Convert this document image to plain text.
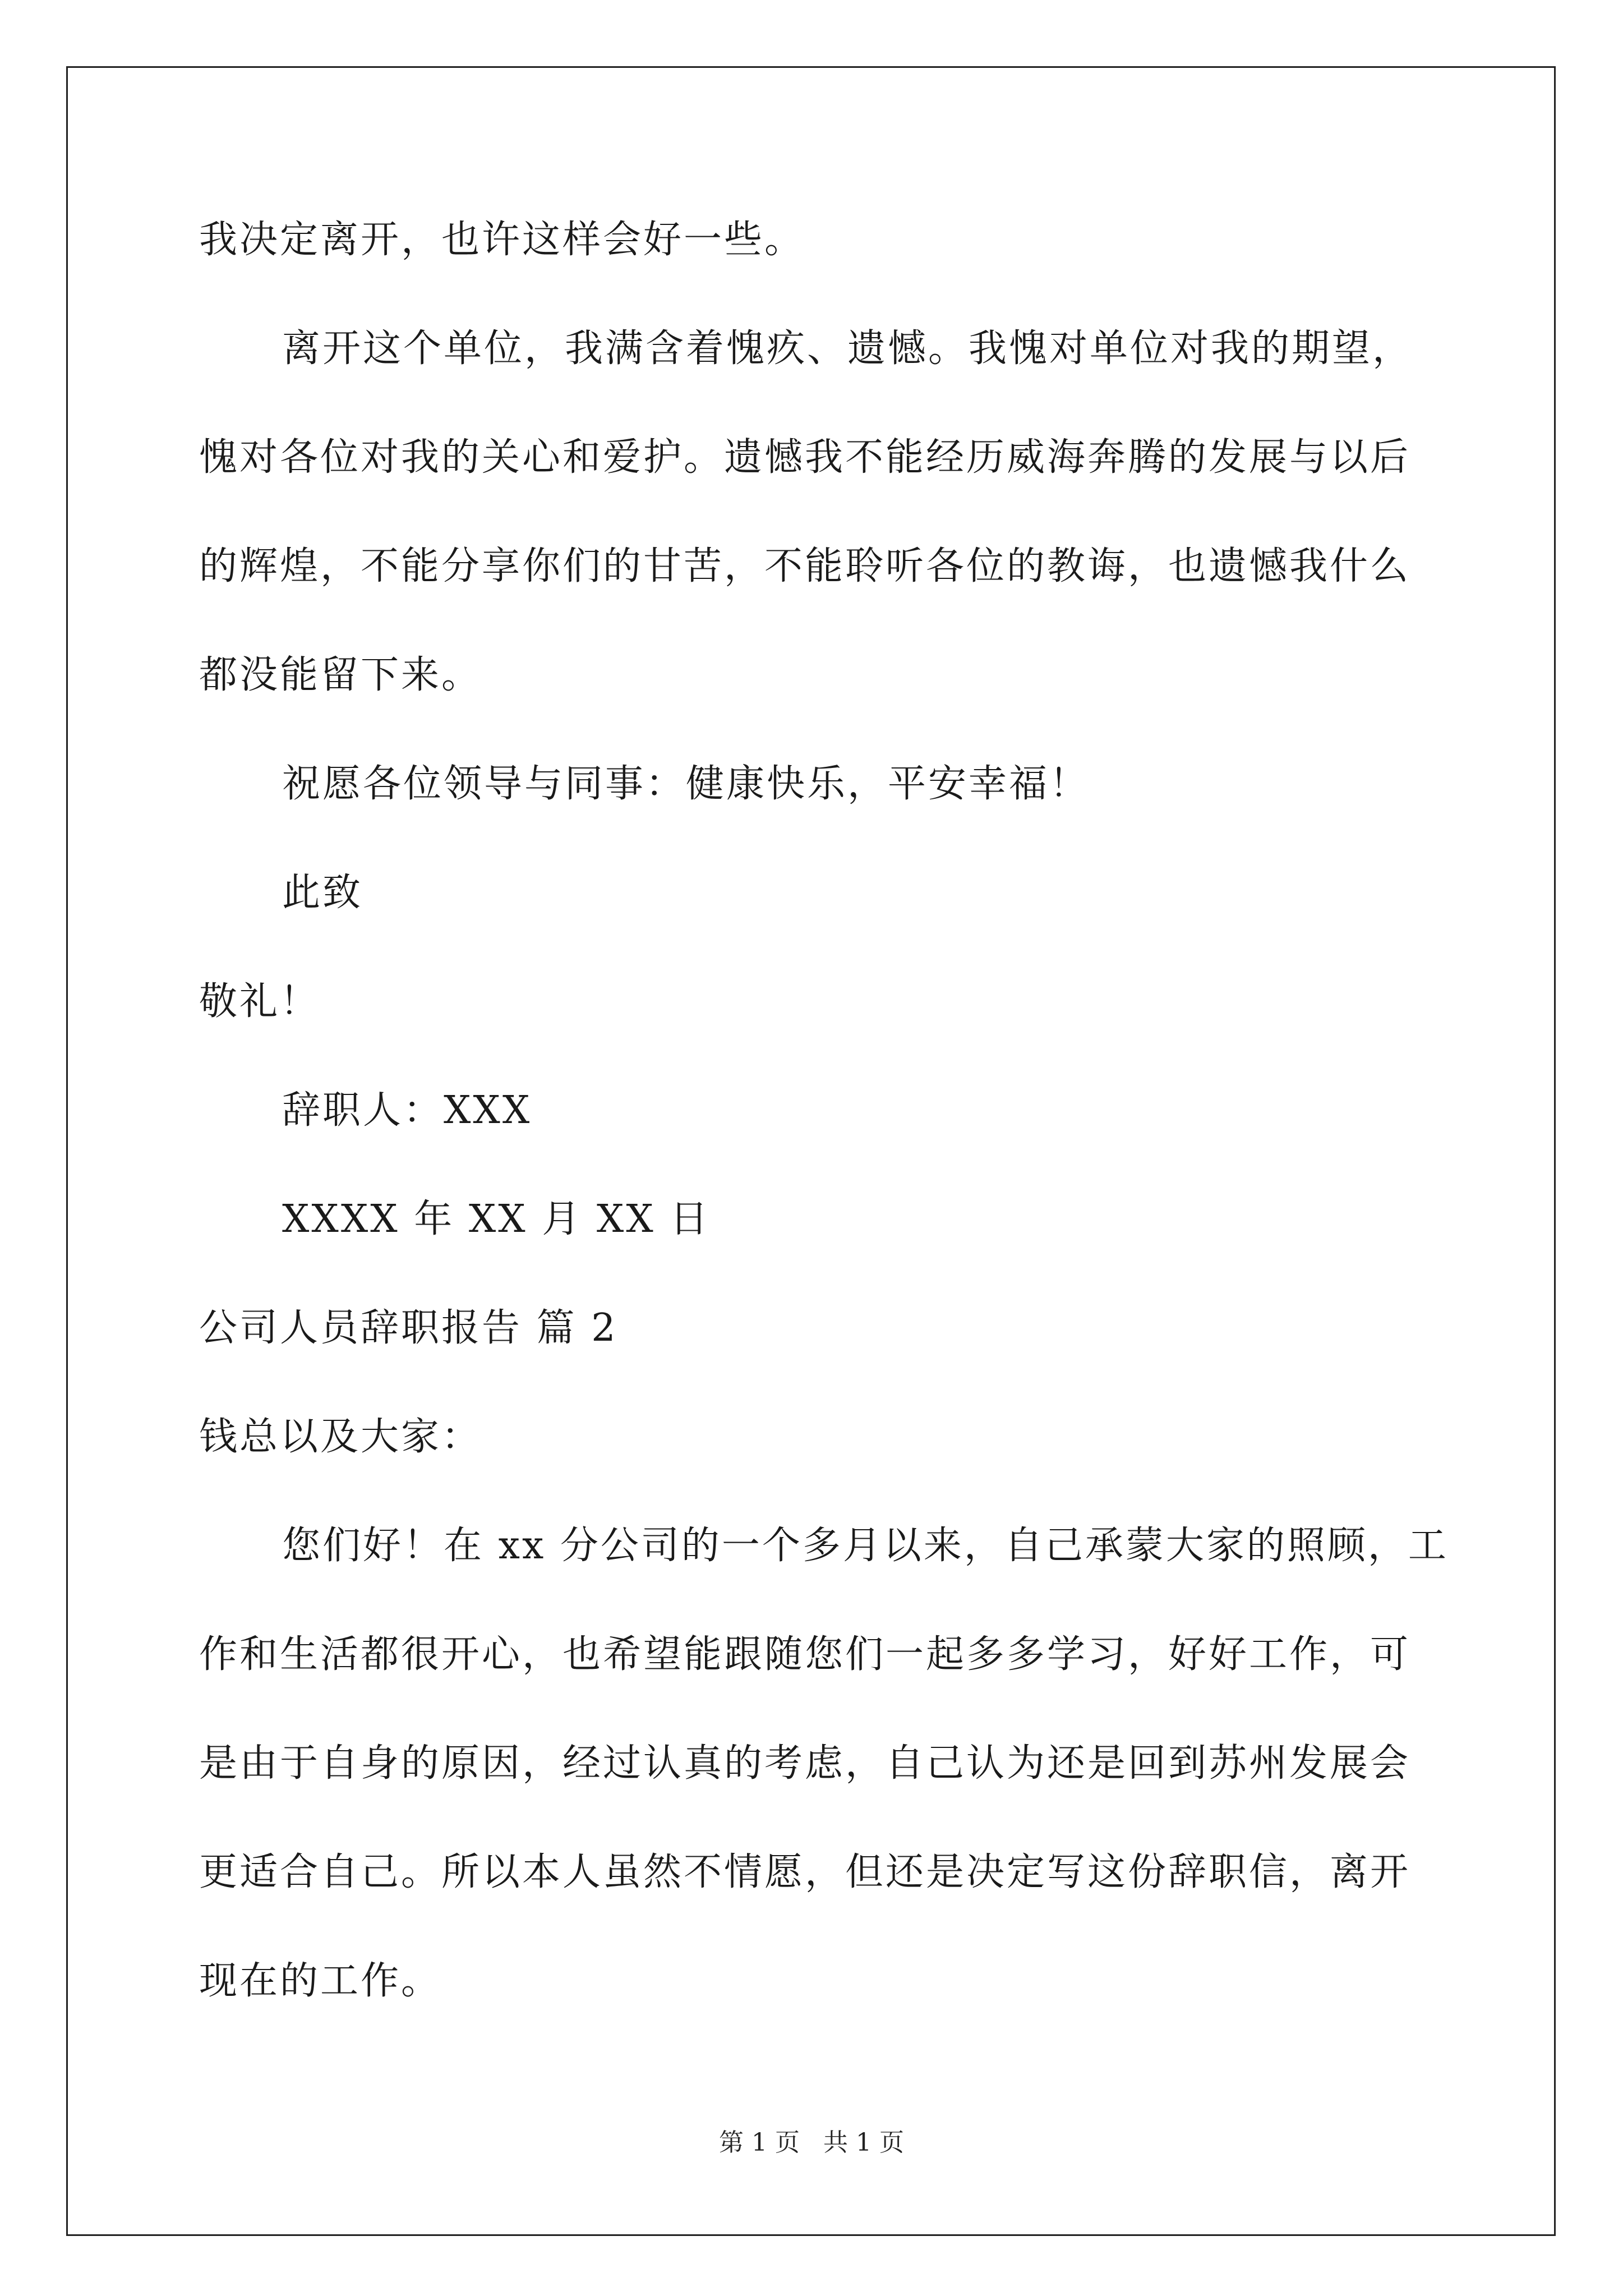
我决定离开，也许这样会好一些。
离开这个单位，我满含着愧疚、遗憾。我愧对单位对我的期望，
愧对各位对我的关心和爱护。遗憾我不能经历威海奔腾的发展与以后
的辉煌，不能分享你们的甘苦，不能聆听各位的教诲，也遗憾我什么
都没能留下来。
祝愿各位领导与同事：健康快乐，平安幸福！
此致
敬礼！
辞职人：XXX
XXXX 年 XX 月 XX 日
公司人员辞职报告 篇 2
钱总以及大家：
您们好！在 xx 分公司的一个多月以来，自己承蒙大家的照顾，工
作和生活都很开心，也希望能跟随您们一起多多学习，好好工作，可
是由于自身的原因，经过认真的考虑，自己认为还是回到苏州发展会
更适合自己。所以本人虽然不情愿，但还是决定写这份辞职信，离开
现在的工作。
第 1 页 共 1 页
